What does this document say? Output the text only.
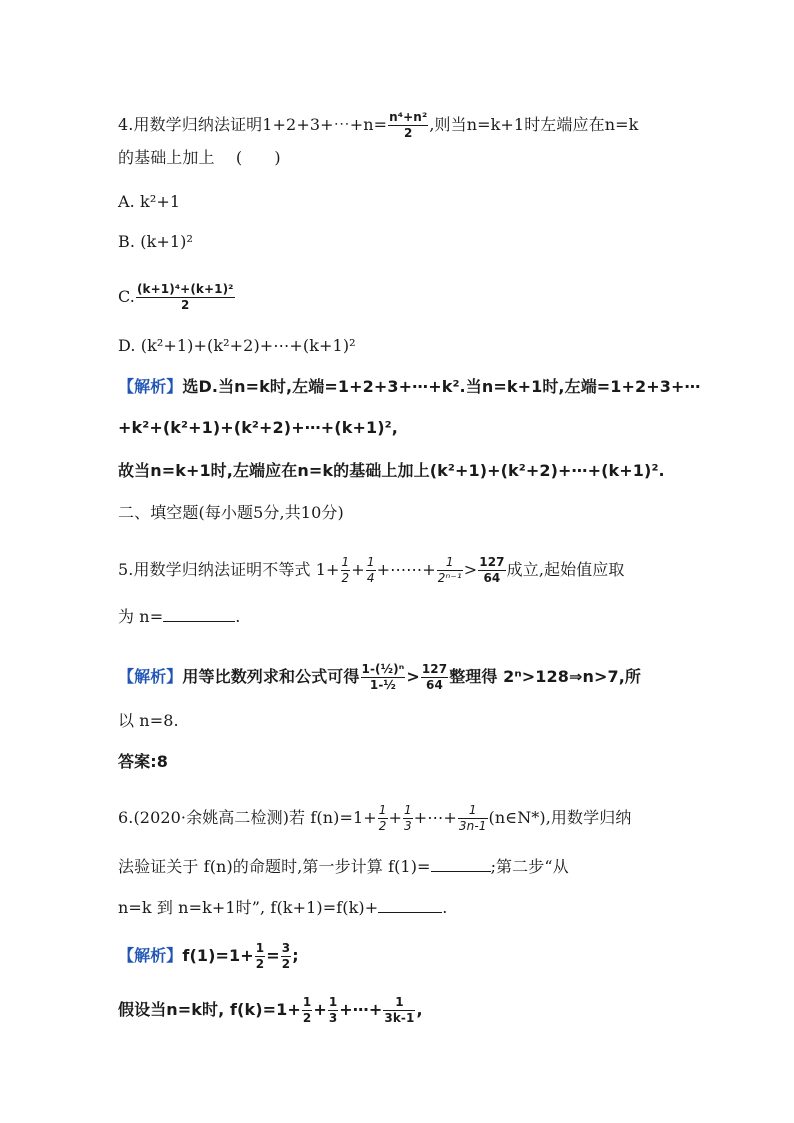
4.用数学归纳法证明1+2+3+⋯+n= $\frac{\text{n⁴+n²}}{2}$ ,则当n=k+1时左端应在n=k
的基础上加上　 (　　)
A. k²+1
B. (k+1)²
C. $\frac{\text{(k+1)⁴+(k+1)²}}{2}$
D. (k²+1)+(k²+2)+⋯+(k+1)²
【解析】选D.当n=k时,左端=1+2+3+⋯+k².当n=k+1时,左端=1+2+3+⋯
+k²+(k²+1)+(k²+2)+⋯+(k+1)²,
故当n=k+1时,左端应在n=k的基础上加上(k²+1)+(k²+2)+⋯+(k+1)².
二、填空题(每小题5分,共10分)
5.用数学归纳法证明不等式 $1+ \frac{1}{2} + \frac{1}{4}$ +⋯⋯+ $\frac{1}{\text{2ⁿ⁻¹}} > \frac{127}{64}$ 成立,起始值应取
为 n=	.
【解析】用等比数列求和公式可得 $\frac{\text{1-(½)ⁿ}}{\text{1-½}} > \frac{127}{64}$ 整理得 2ⁿ>128⇒n>7,所
以 n=8.
答案:8
6.(2020·余姚高二检测)若 $f(n)=1+ \frac{1}{2} + \frac{1}{3}$ +⋯+ $\frac{1}{3n-1}$ (n∈N*),用数学归纳
法验证关于 f(n)的命题时,第一步计算 f(1)=	;第二步“从
n=k 到 n=k+1时”, f(k+1)=f(k)+	.
【解析】$f(1)=1+ \frac{1}{2} = \frac{3}{2}$ ;
假设当n=k时, $f(k)=1+ \frac{1}{2} + \frac{1}{3}$ +⋯+ $\frac{1}{3k-1}$ ,
